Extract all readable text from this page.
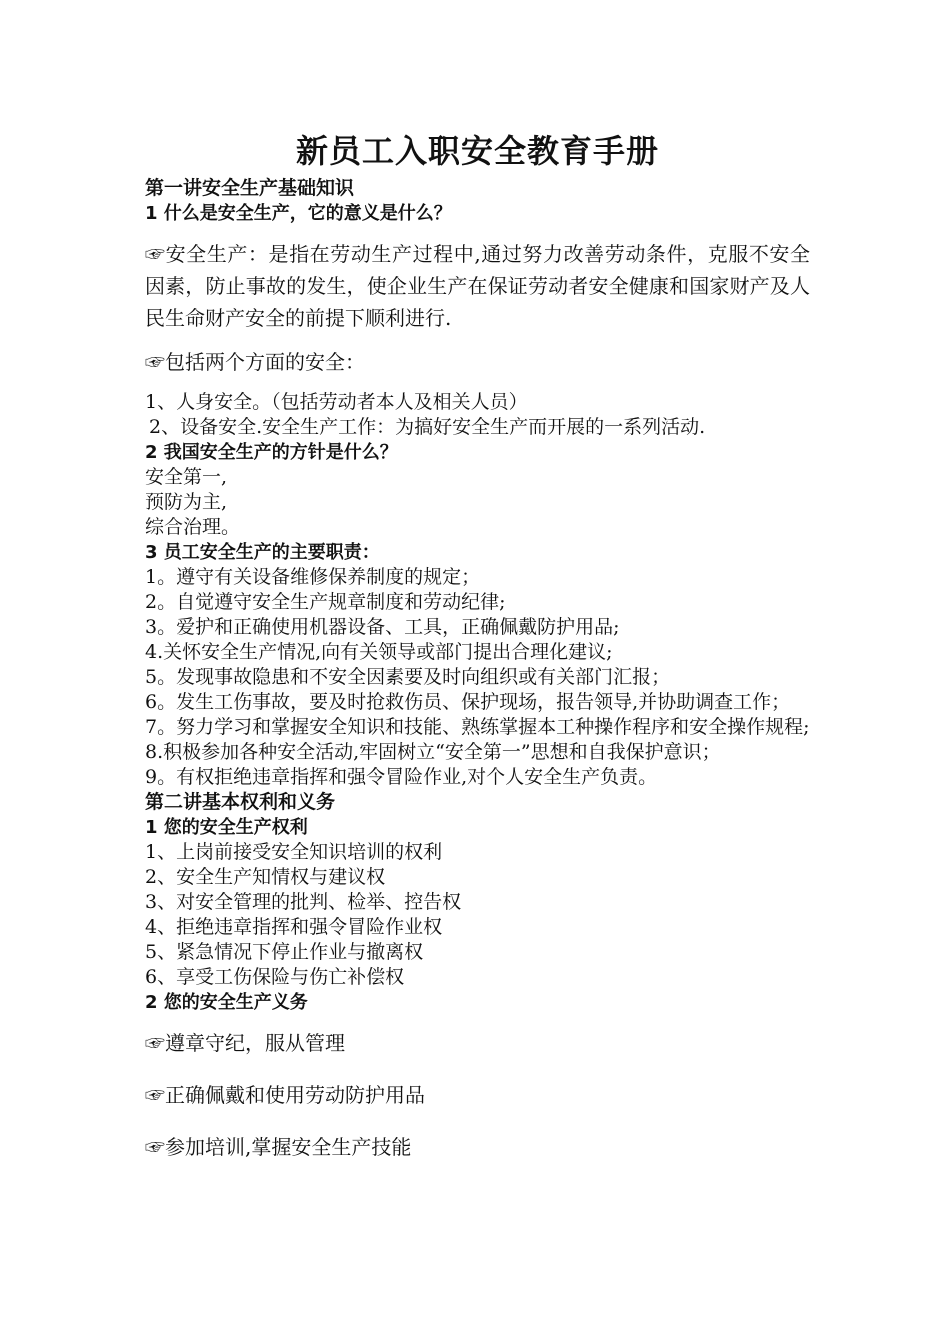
新员工入职安全教育手册
第一讲安全生产基础知识
1 什么是安全生产，它的意义是什么？
☞安全生产：是指在劳动生产过程中,通过努力改善劳动条件，克服不安全因素，防止事故的发生，使企业生产在保证劳动者安全健康和国家财产及人民生命财产安全的前提下顺利进行.
☞包括两个方面的安全：
1、人身安全。（包括劳动者本人及相关人员）
2、设备安全.安全生产工作：为搞好安全生产而开展的一系列活动.
2 我国安全生产的方针是什么？
安全第一,
预防为主,
综合治理。
3 员工安全生产的主要职责：
1。遵守有关设备维修保养制度的规定；
2。自觉遵守安全生产规章制度和劳动纪律;
3。爱护和正确使用机器设备、工具，正确佩戴防护用品;
4.关怀安全生产情况,向有关领导或部门提出合理化建议;
5。发现事故隐患和不安全因素要及时向组织或有关部门汇报；
6。发生工伤事故，要及时抢救伤员、保护现场，报告领导,并协助调查工作；
7。努力学习和掌握安全知识和技能、熟练掌握本工种操作程序和安全操作规程;
8.积极参加各种安全活动,牢固树立“安全第一”思想和自我保护意识；
9。有权拒绝违章指挥和强令冒险作业,对个人安全生产负责。
第二讲基本权利和义务
1 您的安全生产权利
1、上岗前接受安全知识培训的权利
2、安全生产知情权与建议权
3、对安全管理的批判、检举、控告权
4、拒绝违章指挥和强令冒险作业权
5、紧急情况下停止作业与撤离权
6、享受工伤保险与伤亡补偿权
2 您的安全生产义务
☞遵章守纪，服从管理
☞正确佩戴和使用劳动防护用品
☞参加培训,掌握安全生产技能
